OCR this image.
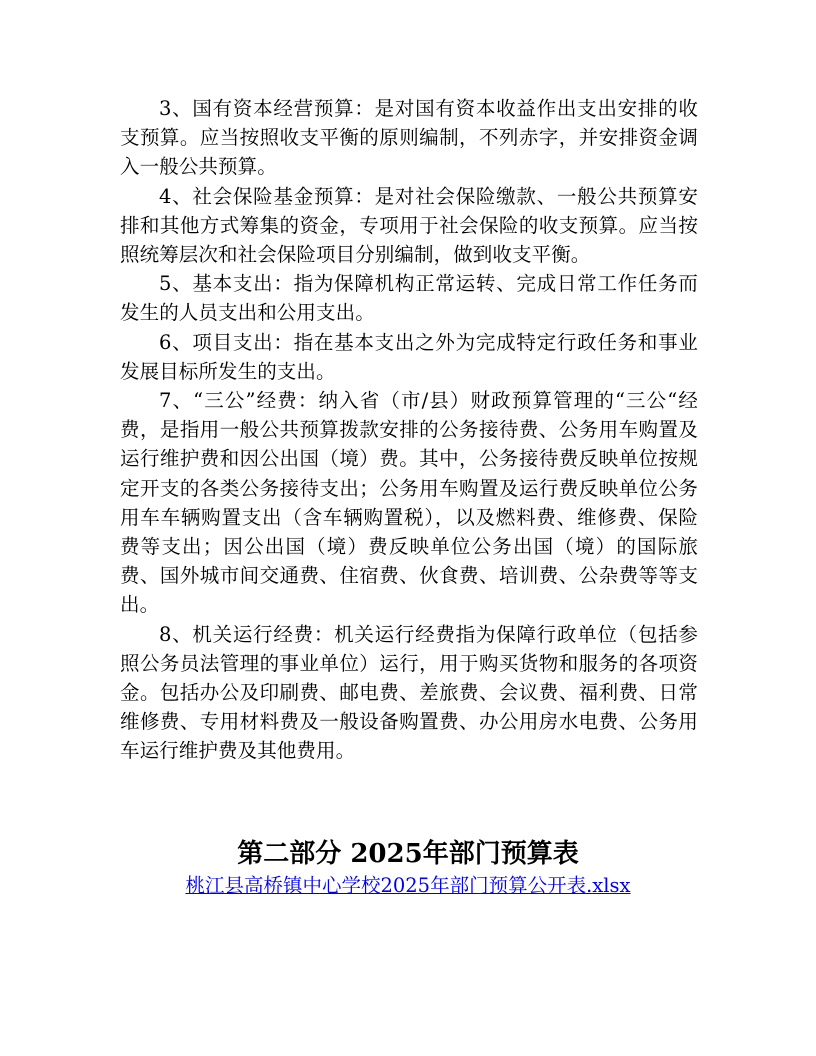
3、国有资本经营预算：是对国有资本收益作出支出安排的收支预算。应当按照收支平衡的原则编制，不列赤字，并安排资金调入一般公共预算。

4、社会保险基金预算：是对社会保险缴款、一般公共预算安排和其他方式筹集的资金，专项用于社会保险的收支预算。应当按照统筹层次和社会保险项目分别编制，做到收支平衡。

5、基本支出：指为保障机构正常运转、完成日常工作任务而发生的人员支出和公用支出。

6、项目支出：指在基本支出之外为完成特定行政任务和事业发展目标所发生的支出。

7、“三公”经费：纳入省（市/县）财政预算管理的“三公“经费，是指用一般公共预算拨款安排的公务接待费、公务用车购置及运行维护费和因公出国（境）费。其中，公务接待费反映单位按规定开支的各类公务接待支出；公务用车购置及运行费反映单位公务用车车辆购置支出（含车辆购置税），以及燃料费、维修费、保险费等支出；因公出国（境）费反映单位公务出国（境）的国际旅费、国外城市间交通费、住宿费、伙食费、培训费、公杂费等等支出。

8、机关运行经费：机关运行经费指为保障行政单位（包括参照公务员法管理的事业单位）运行，用于购买货物和服务的各项资金。包括办公及印刷费、邮电费、差旅费、会议费、福利费、日常维修费、专用材料费及一般设备购置费、办公用房水电费、公务用车运行维护费及其他费用。

第二部分 2025年部门预算表
桃江县高桥镇中心学校2025年部门预算公开表.xlsx
